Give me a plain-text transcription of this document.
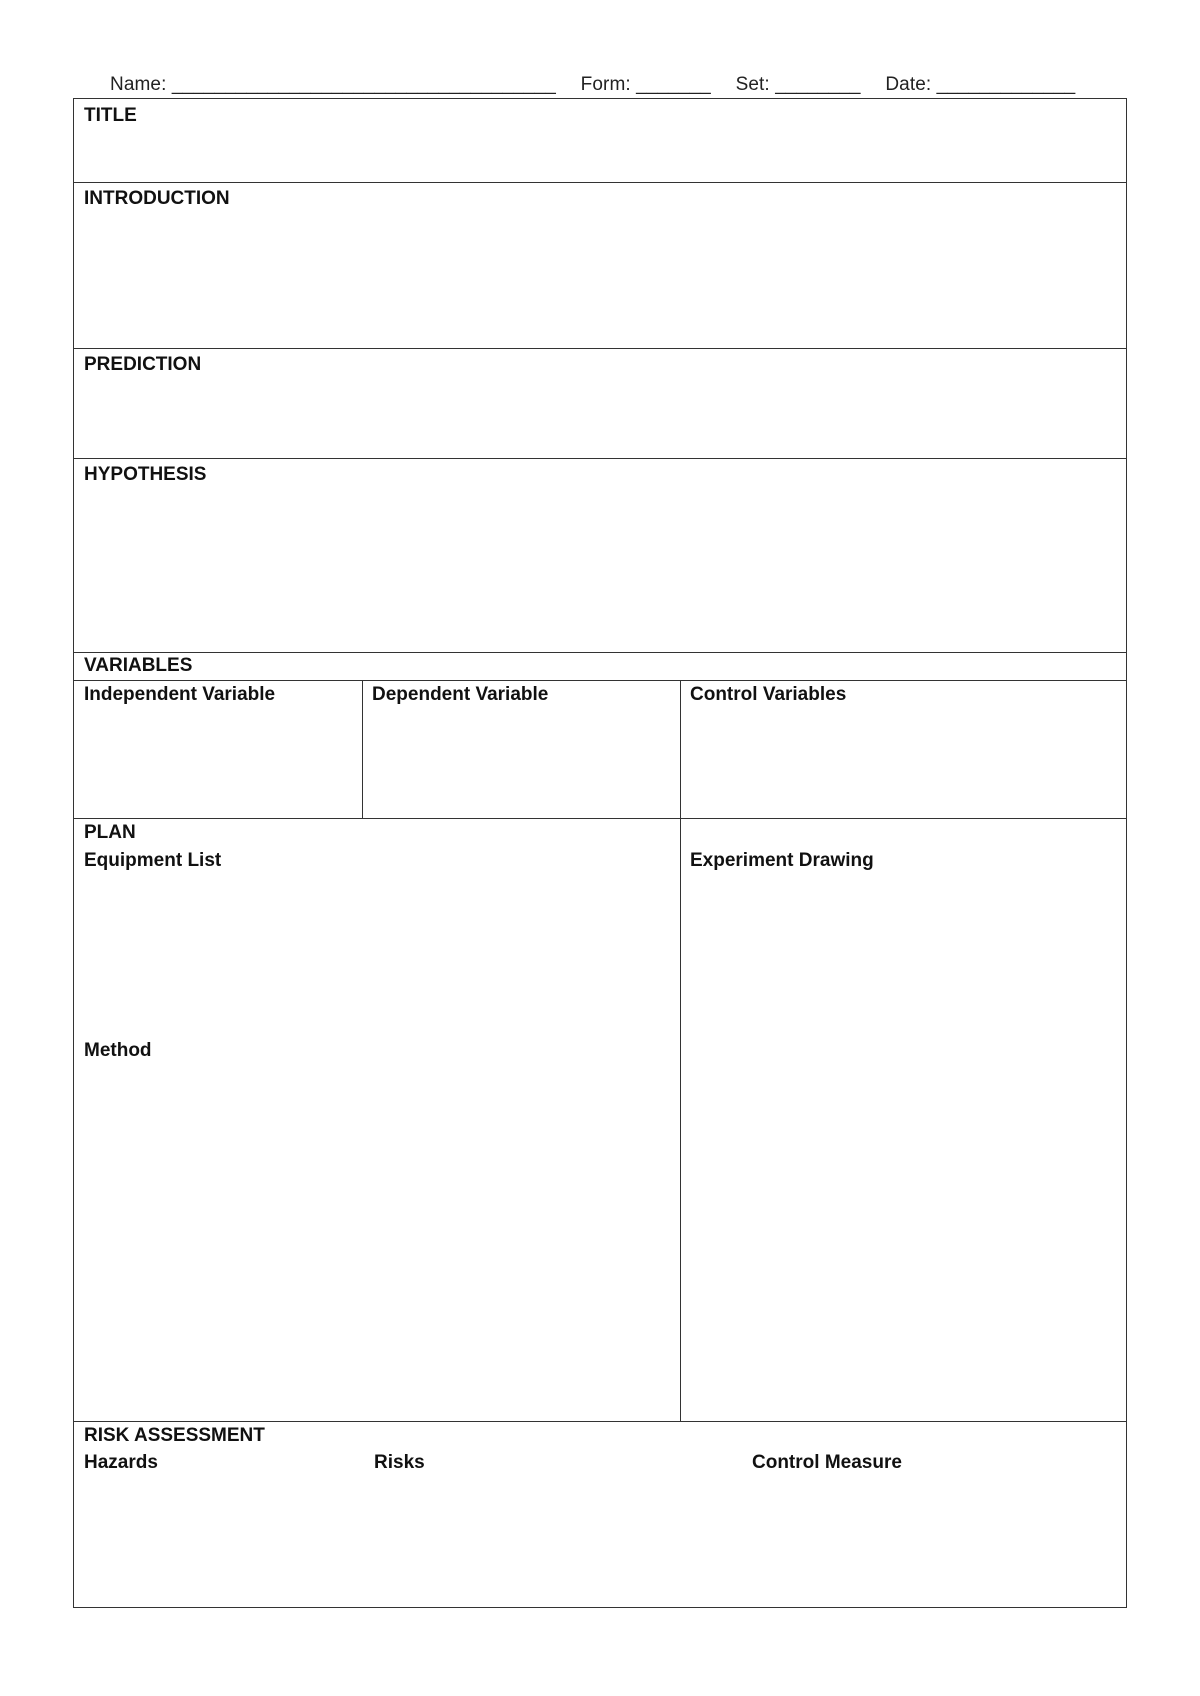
Name: ____________________________________ Form: _______ Set: ________ Date: _____________
TITLE
INTRODUCTION
PREDICTION
HYPOTHESIS
VARIABLES
Independent Variable	Dependent Variable	Control Variables
PLAN
Equipment List
Method
Experiment Drawing
RISK ASSESSMENT
Hazards	Risks	Control Measure
